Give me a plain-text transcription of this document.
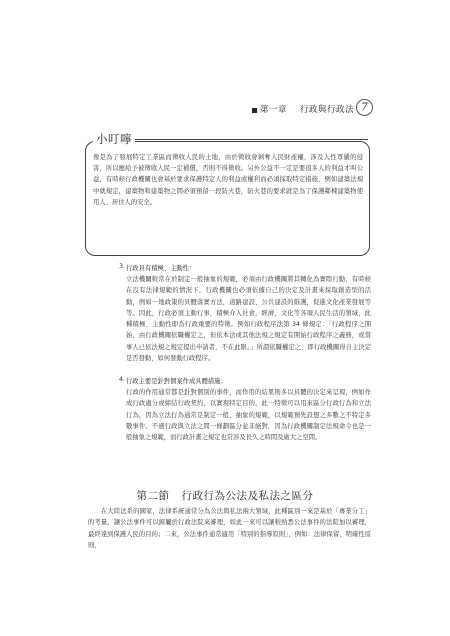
第一章 行政與行政法 7
小叮嚀
像是為了發展特定工業區而徵收人民的土地，由於徵收會剝奪人民財產權，涉及人性尊嚴的侵害，所以應給予被徵收人民一定補償，否則不得徵收。另外公益不一定是要很多人的利益才叫公益，有時候行政機關也會基於要求保護特定人的利益或權利而必須採取特定措施，例如建築法規中就規定，建築物和建築物之間必須預留一段防火巷，防火巷的要求就是為了保護鄰棟建築物使用人、居住人的安全。
3. 行政具有積極、主動性：
立法機關較常在於制定一般抽象的規範，必須由行政機關將其轉化為實際行動，有時候在沒有法律規範的情況下，行政機關也必須依據自己的決定及計畫來採取創造型的活動，例如一地政策的具體落實方法，道路建設、公共建設的維護，促進文化產業發展等等。因此，行政必須主動行事，積極介入社會，經濟，文化等各項人民生活的領域，此種積極、主動性即為行政重要的特徵。例如行政程序法第 34 條規定：「行政程序之開始，由行政機關依職權定之，但依本法或其他法規之規定有開始行政程序之義務，或當事人已依法規之規定提出申請者，不在此限。」所謂依職權定之，即行政機關得自主決定是否發動，如何發動行政程序。
4. 行政主要是針對個案作成具體措施：
行政的作用通常都是針對個別的事件，而作用的結果則多以具體的決定來呈現，例如作成行政處分或締結行政契約，以實現特定目的，此一特徵可以用來區分行政行為和立法行為，因為立法行為通常是制定一般、抽象的規範，以規範預先設想之多數之不特定多數事件。不過行政與立法之間一條劃區分並非絕對，因為行政機關制定法規命令也是一般抽象之規範，而行政計畫之規定也常涉及長久之時間及廣大之空間。
第二節 行政行為公法及私法之區分
在大陸法系的國家，法律系統通常分為公法與私法兩大領域，此種區別一來是基於「專業分工」的考量，讓公法事件可以歸屬於行政法院來審理，如此一來可以讓較熟悉公法事件的法院加以審理，最終達到保護人民的目的；二來，公法事件通常適用「特別的指導原則」，例如：法律保留、明確性原則，
